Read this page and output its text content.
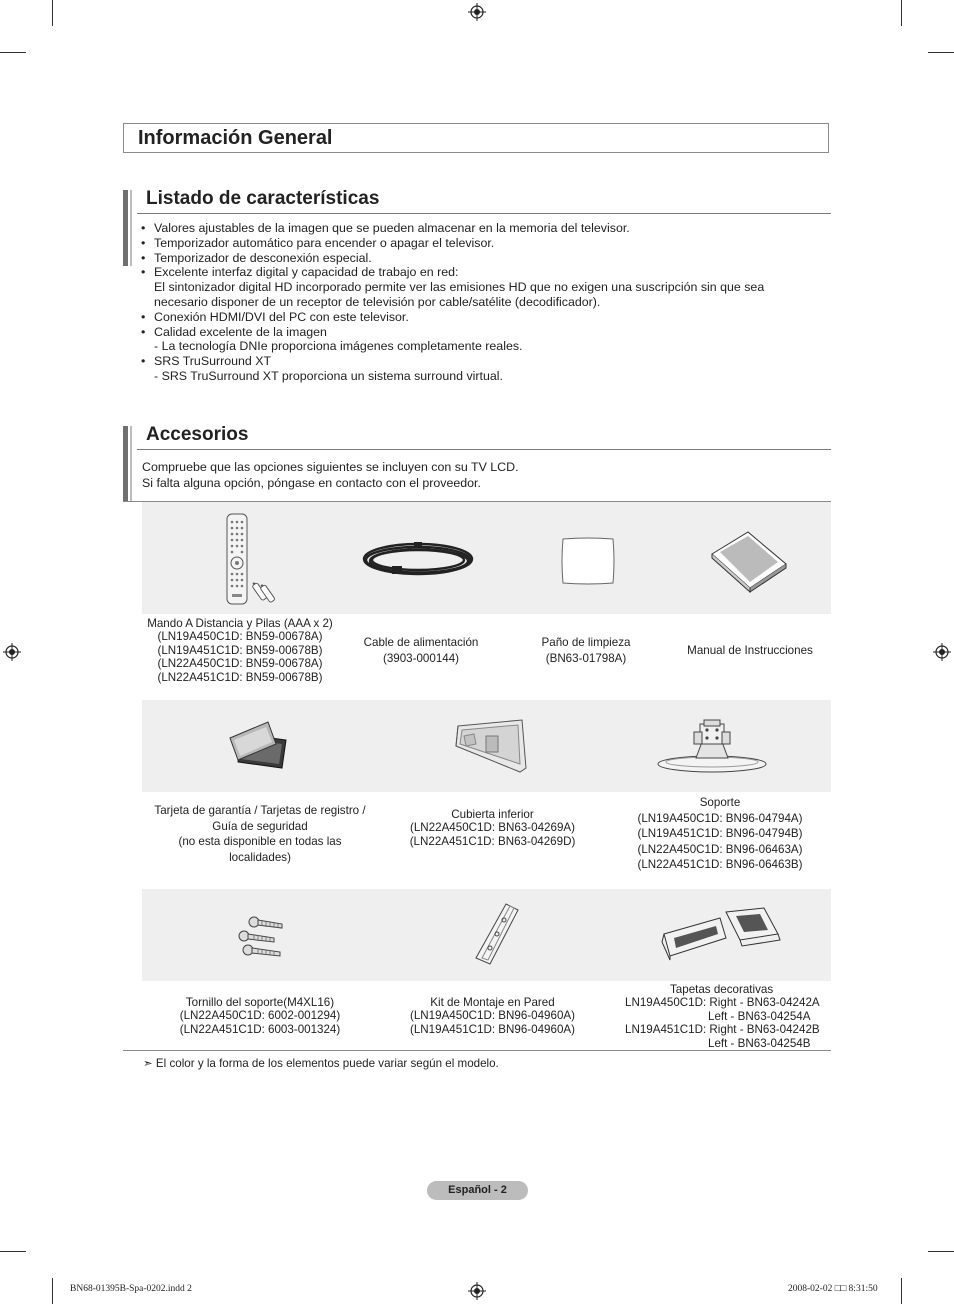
Información General
Listado de características
• Valores ajustables de la imagen que se pueden almacenar en la memoria del televisor.
• Temporizador automático para encender o apagar el televisor.
• Temporizador de desconexión especial.
• Excelente interfaz digital y capacidad de trabajo en red:
El sintonizador digital HD incorporado permite ver las emisiones HD que no exigen una suscripción sin que sea
necesario disponer de un receptor de televisión por cable/satélite (decodificador).
• Conexión HDMI/DVI del PC con este televisor.
• Calidad excelente de la imagen
- La tecnología DNIe proporciona imágenes completamente reales.
• SRS TruSurround XT
- SRS TruSurround XT proporciona un sistema surround virtual.
Accesorios
Compruebe que las opciones siguientes se incluyen con su TV LCD.
Si falta alguna opción, póngase en contacto con el proveedor.
Mando A Distancia y Pilas (AAA x 2)
(LN19A450C1D: BN59-00678A)
(LN19A451C1D: BN59-00678B)
(LN22A450C1D: BN59-00678A)
(LN22A451C1D: BN59-00678B)
Cable de alimentación
(3903-000144)
Paño de limpieza
(BN63-01798A)
Manual de Instrucciones
Tarjeta de garantía / Tarjetas de registro /
Guía de seguridad
(no esta disponible en todas las
localidades)
Cubierta inferior
(LN22A450C1D: BN63-04269A)
(LN22A451C1D: BN63-04269D)
Soporte
(LN19A450C1D: BN96-04794A)
(LN19A451C1D: BN96-04794B)
(LN22A450C1D: BN96-06463A)
(LN22A451C1D: BN96-06463B)
Tornillo del soporte(M4XL16)
(LN22A450C1D: 6002-001294)
(LN22A451C1D: 6003-001324)
Kit de Montaje en Pared
(LN19A450C1D: BN96-04960A)
(LN19A451C1D: BN96-04960A)
Tapetas decorativas
LN19A450C1D: Right - BN63-04242A
Left - BN63-04254A
LN19A451C1D: Right - BN63-04242B
Left - BN63-04254B
➣ El color y la forma de los elementos puede variar según el modelo.
Español - 2
BN68-01395B-Spa-0202.indd 2	2008-02-02 □□ 8:31:50
